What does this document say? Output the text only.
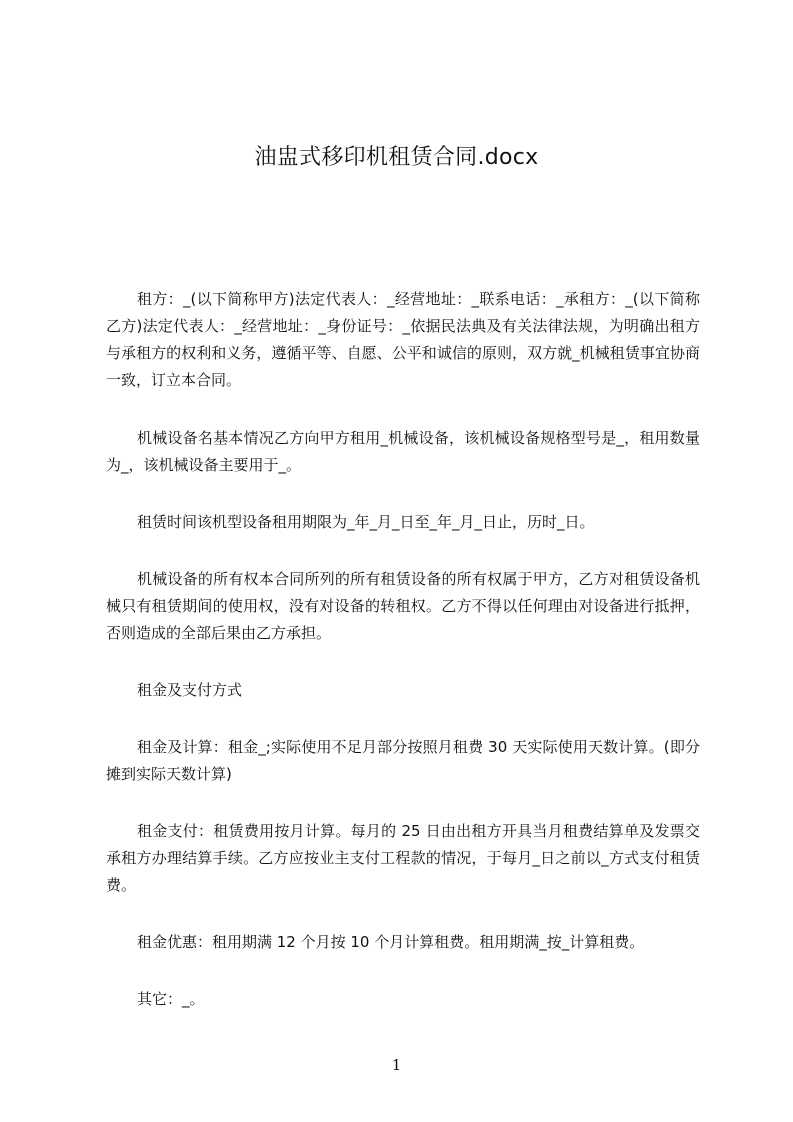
油盅式移印机租赁合同.docx

租方：_(以下简称甲方)法定代表人：_经营地址：_联系电话：_承租方：_(以下简称乙方)法定代表人：_经营地址：_身份证号：_依据民法典及有关法律法规，为明确出租方与承租方的权利和义务，遵循平等、自愿、公平和诚信的原则，双方就_机械租赁事宜协商一致，订立本合同。

机械设备名基本情况乙方向甲方租用_机械设备，该机械设备规格型号是_，租用数量为_，该机械设备主要用于_。

租赁时间该机型设备租用期限为_年_月_日至_年_月_日止，历时_日。

机械设备的所有权本合同所列的所有租赁设备的所有权属于甲方，乙方对租赁设备机械只有租赁期间的使用权，没有对设备的转租权。乙方不得以任何理由对设备进行抵押，否则造成的全部后果由乙方承担。

租金及支付方式

租金及计算：租金_;实际使用不足月部分按照月租费 30 天实际使用天数计算。(即分摊到实际天数计算)

租金支付：租赁费用按月计算。每月的 25 日由出租方开具当月租费结算单及发票交承租方办理结算手续。乙方应按业主支付工程款的情况，于每月_日之前以_方式支付租赁费。

租金优惠：租用期满 12 个月按 10 个月计算租费。租用期满_按_计算租费。

其它：_。

1
